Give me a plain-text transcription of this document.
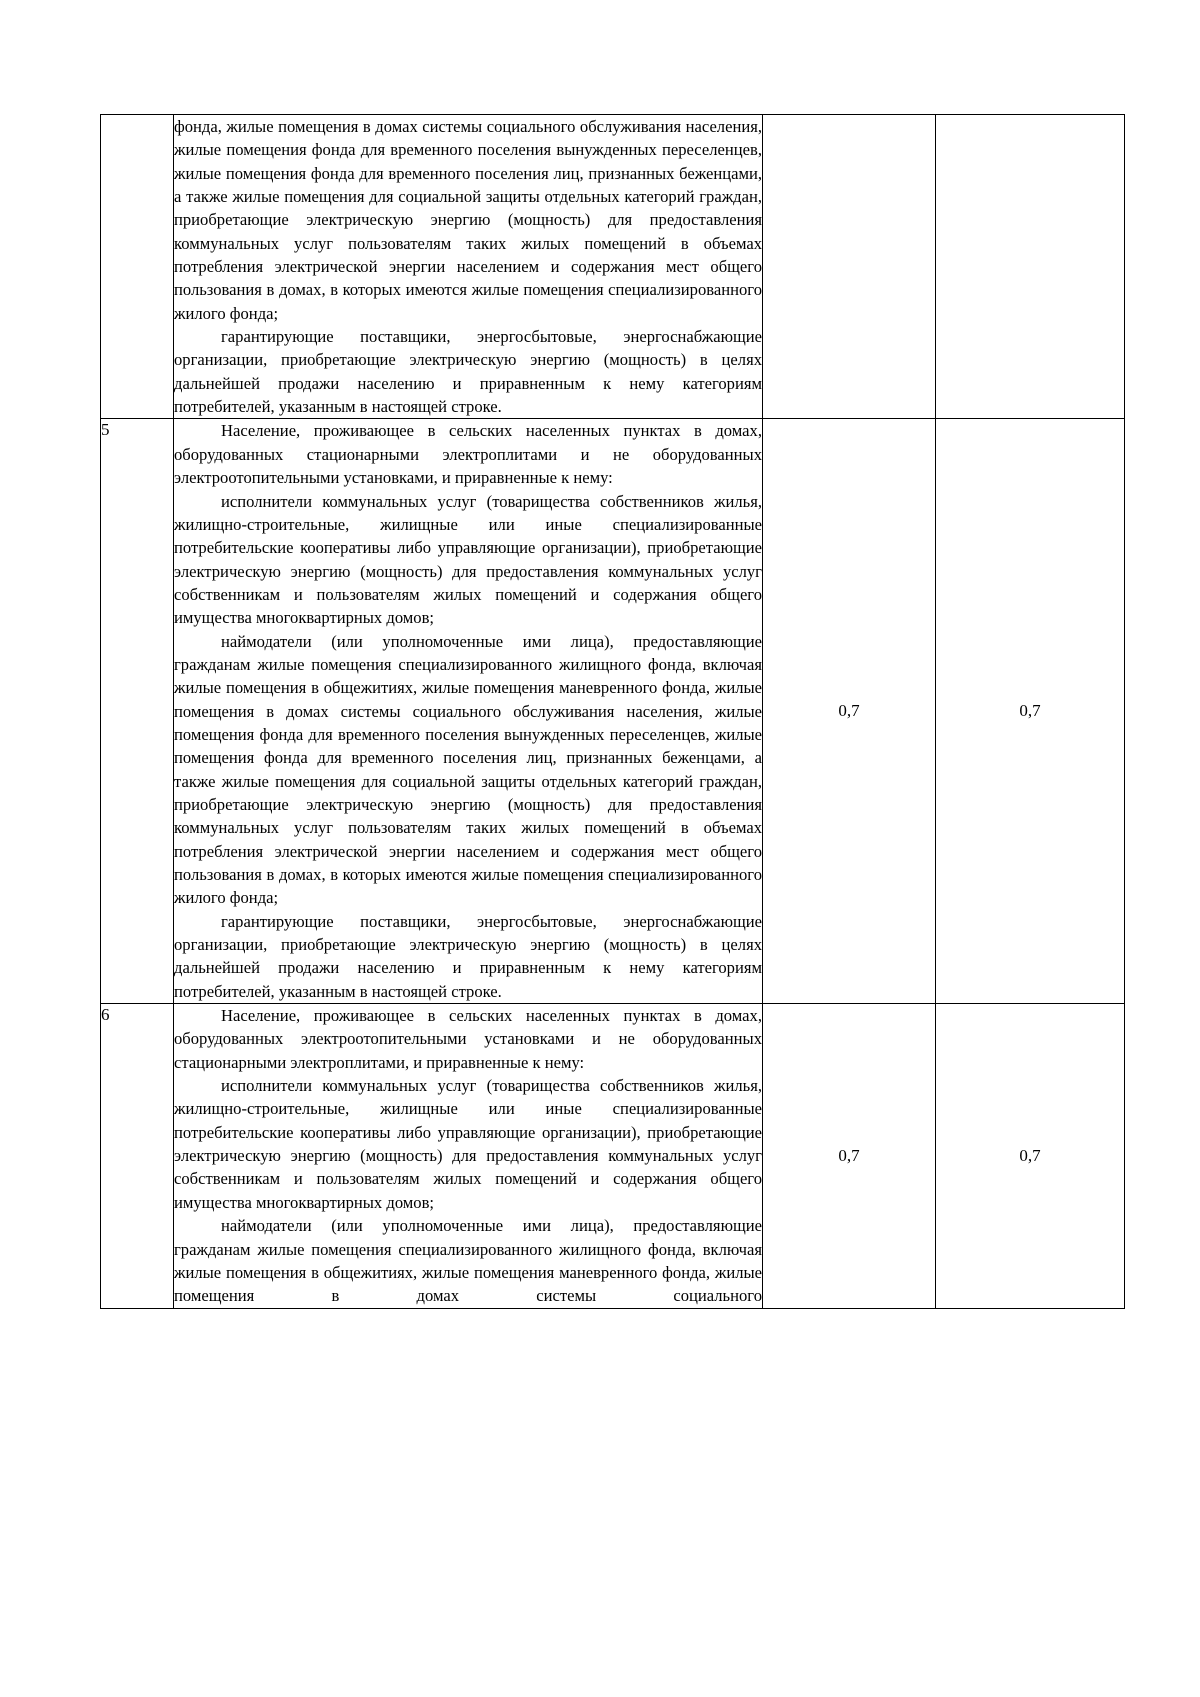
	фонда, жилые помещения в домах системы социального обслуживания населения, жилые помещения фонда для временного поселения вынужденных переселенцев, жилые помещения фонда для временного поселения лиц, признанных беженцами, а также жилые помещения для социальной защиты отдельных категорий граждан, приобретающие электрическую энергию (мощность) для предоставления коммунальных услуг пользователям таких жилых помещений в объемах потребления электрической энергии населением и содержания мест общего пользования в домах, в которых имеются жилые помещения специализированного жилого фонда;

гарантирующие поставщики, энергосбытовые, энергоснабжающие организации, приобретающие электрическую энергию (мощность) в целях дальнейшей продажи населению и приравненным к нему категориям потребителей, указанным в настоящей строке.		

5	Население, проживающее в сельских населенных пунктах в домах, оборудованных стационарными электроплитами и не оборудованных электроотопительными установками, и приравненные к нему:

исполнители коммунальных услуг (товарищества собственников жилья, жилищно-строительные, жилищные или иные специализированные потребительские кооперативы либо управляющие организации), приобретающие электрическую энергию (мощность) для предоставления коммунальных услуг собственникам и пользователям жилых помещений и содержания общего имущества многоквартирных домов;

наймодатели (или уполномоченные ими лица), предоставляющие гражданам жилые помещения специализированного жилищного фонда, включая жилые помещения в общежитиях, жилые помещения маневренного фонда, жилые помещения в домах системы социального обслуживания населения, жилые помещения фонда для временного поселения вынужденных переселенцев, жилые помещения фонда для временного поселения лиц, признанных беженцами, а также жилые помещения для социальной защиты отдельных категорий граждан, приобретающие электрическую энергию (мощность) для предоставления коммунальных услуг пользователям таких жилых помещений в объемах потребления электрической энергии населением и содержания мест общего пользования в домах, в которых имеются жилые помещения специализированного жилого фонда;

гарантирующие поставщики, энергосбытовые, энергоснабжающие организации, приобретающие электрическую энергию (мощность) в целях дальнейшей продажи населению и приравненным к нему категориям потребителей, указанным в настоящей строке.	0,7	0,7
6	Население, проживающее в сельских населенных пунктах в домах, оборудованных электроотопительными установками и не оборудованных стационарными электроплитами, и приравненные к нему:

исполнители коммунальных услуг (товарищества собственников жилья, жилищно-строительные, жилищные или иные специализированные потребительские кооперативы либо управляющие организации), приобретающие электрическую энергию (мощность) для предоставления коммунальных услуг собственникам и пользователям жилых помещений и содержания общего имущества многоквартирных домов;

наймодатели (или уполномоченные ими лица), предоставляющие гражданам жилые помещения специализированного жилищного фонда, включая жилые помещения в общежитиях, жилые помещения маневренного фонда, жилые помещения в домах системы социального	0,7	0,7
